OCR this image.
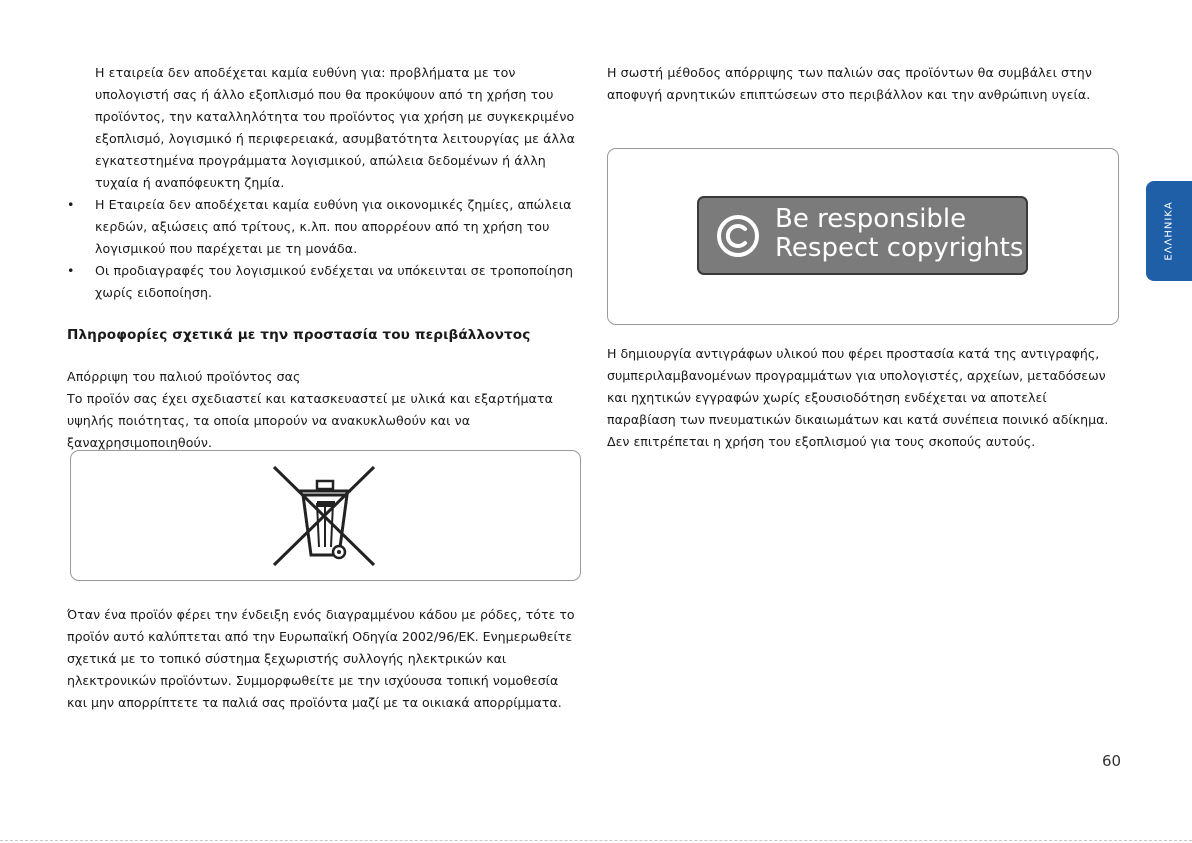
Η εταιρεία δεν αποδέχεται καμία ευθύνη για: προβλήματα με τον υπολογιστή σας ή άλλο εξοπλισμό που θα προκύψουν από τη χρήση του προϊόντος, την καταλληλότητα του προϊόντος για χρήση με συγκεκριμένο εξοπλισμό, λογισμικό ή περιφερειακά, ασυμβατότητα λειτουργίας με άλλα εγκατεστημένα προγράμματα λογισμικού, απώλεια δεδομένων ή άλλη τυχαία ή αναπόφευκτη ζημία.

• Η Εταιρεία δεν αποδέχεται καμία ευθύνη για οικονομικές ζημίες, απώλεια κερδών, αξιώσεις από τρίτους, κ.λπ. που απορρέουν από τη χρήση του λογισμικού που παρέχεται με τη μονάδα.
• Οι προδιαγραφές του λογισμικού ενδέχεται να υπόκεινται σε τροποποίηση χωρίς ειδοποίηση.
Πληροφορίες σχετικά με την προστασία του περιβάλλοντος

Απόρριψη του παλιού προϊόντος σας

Το προϊόν σας έχει σχεδιαστεί και κατασκευαστεί με υλικά και εξαρτήματα υψηλής ποιότητας, τα οποία μπορούν να ανακυκλωθούν και να ξαναχρησιμοποιηθούν.

Όταν ένα προϊόν φέρει την ένδειξη ενός διαγραμμένου κάδου με ρόδες, τότε το προϊόν αυτό καλύπτεται από την Ευρωπαϊκή Οδηγία 2002/96/ΕΚ. Ενημερωθείτε σχετικά με το τοπικό σύστημα ξεχωριστής συλλογής ηλεκτρικών και ηλεκτρονικών προϊόντων. Συμμορφωθείτε με την ισχύουσα τοπική νομοθεσία και μην απορρίπτετε τα παλιά σας προϊόντα μαζί με τα οικιακά απορρίμματα.

Η σωστή μέθοδος απόρριψης των παλιών σας προϊόντων θα συμβάλει στην αποφυγή αρνητικών επιπτώσεων στο περιβάλλον και την ανθρώπινη υγεία.

Be responsible
Respect copyrights

Η δημιουργία αντιγράφων υλικού που φέρει προστασία κατά της αντιγραφής, συμπεριλαμβανομένων προγραμμάτων για υπολογιστές, αρχείων, μεταδόσεων και ηχητικών εγγραφών χωρίς εξουσιοδότηση ενδέχεται να αποτελεί παραβίαση των πνευματικών δικαιωμάτων και κατά συνέπεια ποινικό αδίκημα.

Δεν επιτρέπεται η χρήση του εξοπλισμού για τους σκοπούς αυτούς.

ΕΛΛΗΝΙΚΑ
60
